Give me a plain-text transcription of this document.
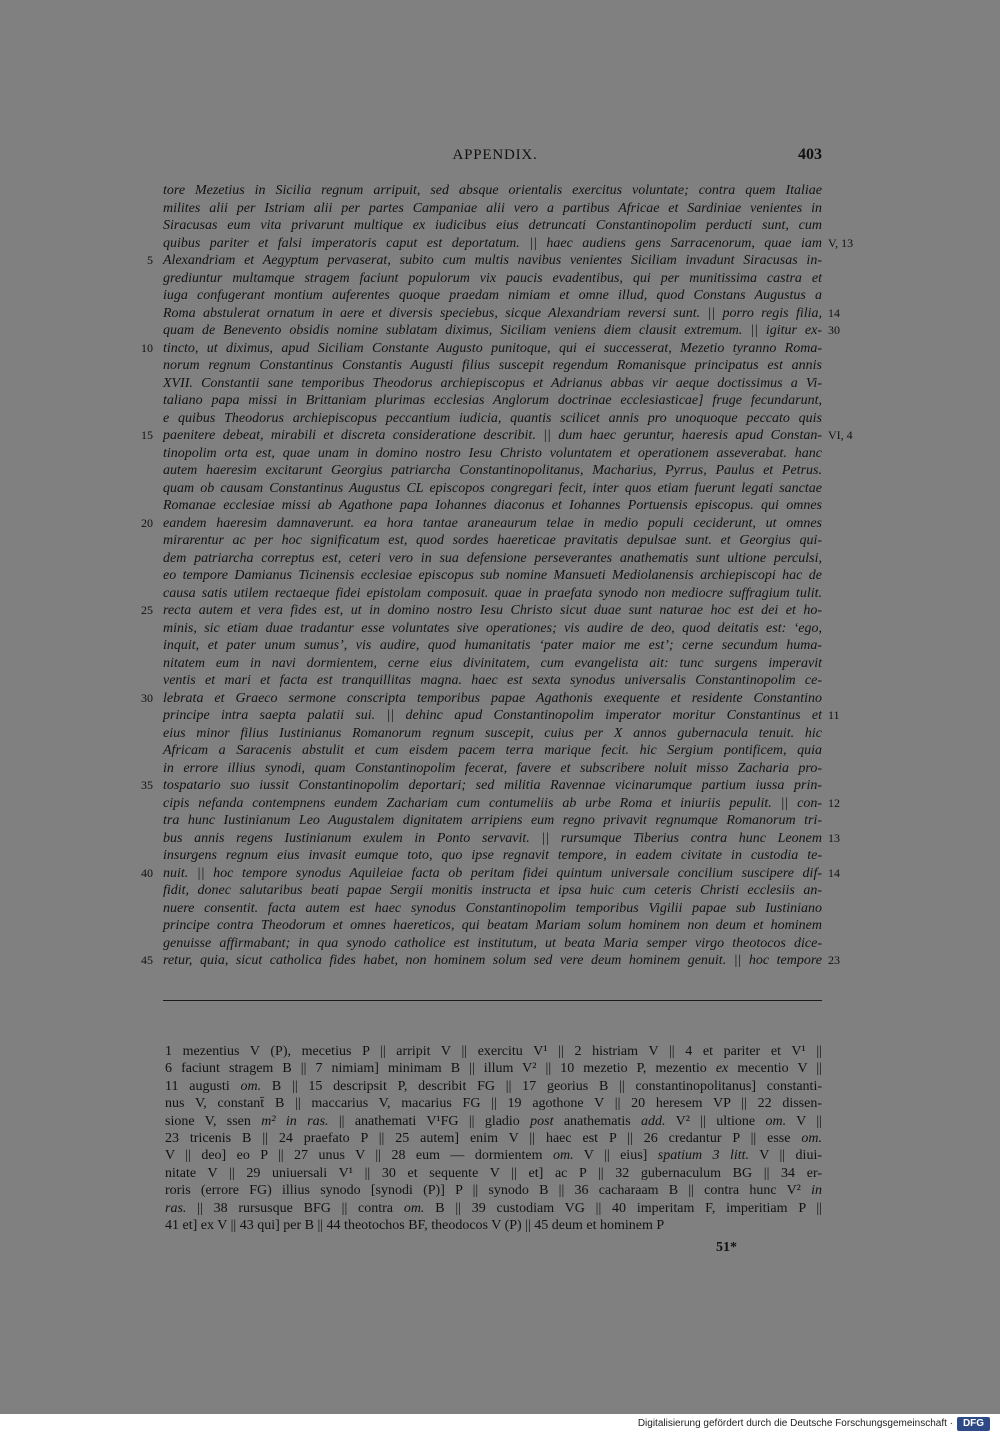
APPENDIX.	403
tore Mezetius in Sicilia regnum arripuit, sed absque orientalis exercitus voluntate; contra quem Italiae
milites alii per Istriam alii per partes Campaniae alii vero a partibus Africae et Sardiniae venientes in
Siracusas eum vita privarunt multique ex iudicibus eius detruncati Constantinopolim perducti sunt, cum
quibus pariter et falsi imperatoris caput est deportatum. || haec audiens gens Sarracenorum, quae iam V, 13
5 Alexandriam et Aegyptum pervaserat, subito cum multis navibus venientes Siciliam invadunt Siracusas in-
grediuntur multamque stragem faciunt populorum vix paucis evadentibus, qui per munitissima castra et
iuga confugerant montium auferentes quoque praedam nimiam et omne illud, quod Constans Augustus a
Roma abstulerat ornatum in aere et diversis speciebus, sicque Alexandriam reversi sunt. || porro regis filia, 14
quam de Benevento obsidis nomine sublatam diximus, Siciliam veniens diem clausit extremum. || igitur ex- 30
10 tincto, ut diximus, apud Siciliam Constante Augusto punitoque, qui ei successerat, Mezetio tyranno Roma-
norum regnum Constantinus Constantis Augusti filius suscepit regendum Romanisque principatus est annis
XVII. Constantii sane temporibus Theodorus archiepiscopus et Adrianus abbas vir aeque doctissimus a Vi-
taliano papa missi in Brittaniam plurimas ecclesias Anglorum doctrinae ecclesiasticae] fruge fecundarunt,
e quibus Theodorus archiepiscopus peccantium iudicia, quantis scilicet annis pro unoquoque peccato quis
15 paenitere debeat, mirabili et discreta consideratione describit. || dum haec geruntur, haeresis apud Constan- VI, 4
tinopolim orta est, quae unam in domino nostro Iesu Christo voluntatem et operationem asseverabat. hanc
autem haeresim excitarunt Georgius patriarcha Constantinopolitanus, Macharius, Pyrrus, Paulus et Petrus.
quam ob causam Constantinus Augustus CL episcopos congregari fecit, inter quos etiam fuerunt legati sanctae
Romanae ecclesiae missi ab Agathone papa Iohannes diaconus et Iohannes Portuensis episcopus. qui omnes
20 eandem haeresim damnaverunt. ea hora tantae araneaurum telae in medio populi ceciderunt, ut omnes
mirarentur ac per hoc significatum est, quod sordes haereticae pravitatis depulsae sunt. et Georgius qui-
dem patriarcha correptus est, ceteri vero in sua defensione perseverantes anathematis sunt ultione perculsi,
eo tempore Damianus Ticinensis ecclesiae episcopus sub nomine Mansueti Mediolanensis archiepiscopi hac de
causa satis utilem rectaeque fidei epistolam composuit. quae in praefata synodo non mediocre suffragium tulit.
25 recta autem et vera fides est, ut in domino nostro Iesu Christo sicut duae sunt naturae hoc est dei et ho-
minis, sic etiam duae tradantur esse voluntates sive operationes; vis audire de deo, quod deitatis est: ‘ego,
inquit, et pater unum sumus’, vis audire, quod humanitatis ‘pater maior me est’; cerne secundum huma-
nitatem eum in navi dormientem, cerne eius divinitatem, cum evangelista ait: tunc surgens imperavit
ventis et mari et facta est tranquillitas magna. haec est sexta synodus universalis Constantinopolim ce-
30 lebrata et Graeco sermone conscripta temporibus papae Agathonis exequente et residente Constantino
principe intra saepta palatii sui. || dehinc apud Constantinopolim imperator moritur Constantinus et 11
eius minor filius Iustinianus Romanorum regnum suscepit, cuius per X annos gubernacula tenuit. hic
Africam a Saracenis abstulit et cum eisdem pacem terra marique fecit. hic Sergium pontificem, quia
in errore illius synodi, quam Constantinopolim fecerat, favere et subscribere noluit misso Zacharia pro-
35 tospatario suo iussit Constantinopolim deportari; sed militia Ravennae vicinarumque partium iussa prin-
cipis nefanda contempnens eundem Zachariam cum contumeliis ab urbe Roma et iniuriis pepulit. || con- 12
tra hunc Iustinianum Leo Augustalem dignitatem arripiens eum regno privavit regnumque Romanorum tri-
bus annis regens Iustinianum exulem in Ponto servavit. || rursumque Tiberius contra hunc Leonem 13
insurgens regnum eius invasit eumque toto, quo ipse regnavit tempore, in eadem civitate in custodia te-
40 nuit. || hoc tempore synodus Aquileiae facta ob peritam fidei quintum universale concilium suscipere dif- 14
fidit, donec salutaribus beati papae Sergii monitis instructa et ipsa huic cum ceteris Christi ecclesiis an-
nuere consentit. facta autem est haec synodus Constantinopolim temporibus Vigilii papae sub Iustiniano
principe contra Theodorum et omnes haereticos, qui beatam Mariam solum hominem non deum et hominem
genuisse affirmabant; in qua synodo catholice est institutum, ut beata Maria semper virgo theotocos dice-
45 retur, quia, sicut catholica fides habet, non hominem solum sed vere deum hominem genuit. || hoc tempore 23
1 mezentius V (P), mecetius P || arripit V || exercitu V¹ || 2 histriam V || 4 et pariter et V¹ ||
6 faciunt stragem B || 7 nimiam] minimam B || illum V² || 10 mezetio P, mezentio ex mecentio V ||
11 augusti om. B || 15 descripsit P, describit FG || 17 georius B || constantinopolitanus] constanti-
nus V, constant̄ B || maccarius V, macarius FG || 19 agothone V || 20 heresem VP || 22 dissen-
sione V, ssen m² in ras. || anathemati V¹FG || gladio post anathematis add. V² || ultione om. V ||
23 tricenis B || 24 praefato P || 25 autem] enim V || haec est P || 26 credantur P || esse om.
V || deo] eo P || 27 unus V || 28 eum — dormientem om. V || eius] spatium 3 litt. V || diui-
nitate V || 29 uniuersali V¹ || 30 et sequente V || et] ac P || 32 gubernaculum BG || 34 er-
roris (errore FG) illius synodo [synodi (P)] P || synodo B || 36 cacharaam B || contra hunc V² in
ras. || 38 rursusque BFG || contra om. B || 39 custodiam VG || 40 imperitam F, imperitiam P ||
41 et] ex V || 43 qui] per B || 44 theotochos BF, theodocos V (P) || 45 deum et hominem P
51*
Digitalisierung gefördert durch die Deutsche Forschungsgemeinschaft · DFG
